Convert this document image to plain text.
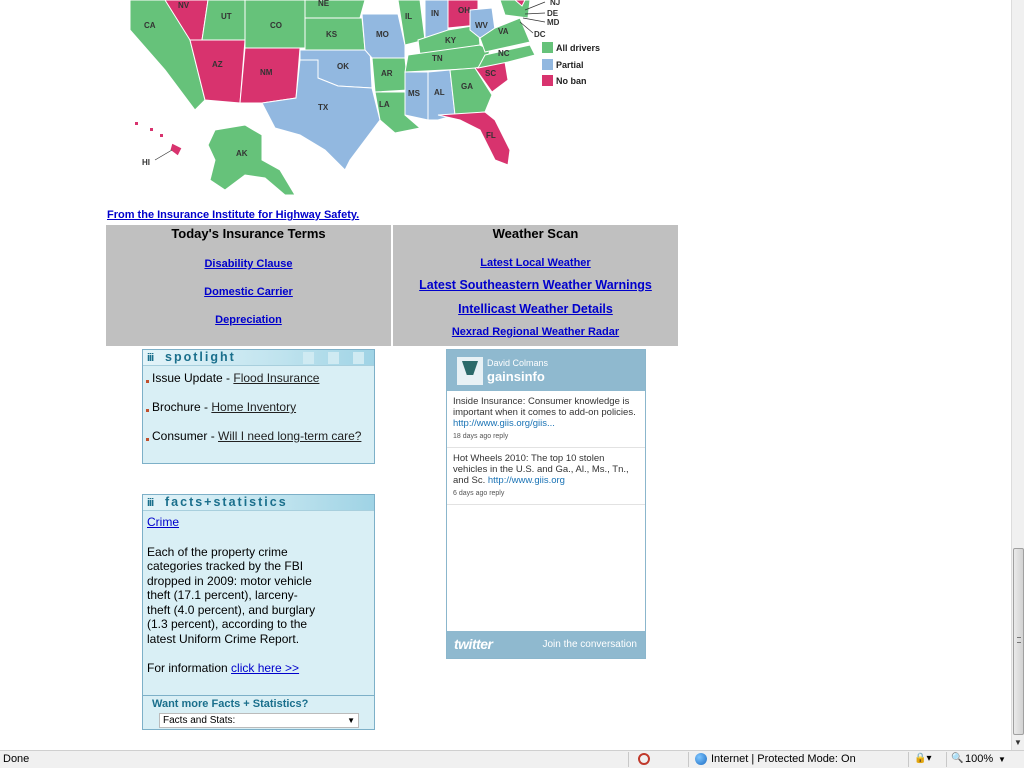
NV
UT
CO
NE
CA
KS	MO
IL IN OH
WV
VA
KY
NC
TN
SC
GA
AL
MS
LA
AR
OK
TX
AZ
NM
FL
AK
HI
NJ
DE
MD
DC
All drivers
Partial
No ban
From the Insurance Institute for Highway Safety.
Today's Insurance Terms
Disability Clause
Domestic Carrier
Depreciation
Weather Scan
Latest Local Weather
Latest Southeastern Weather Warnings
Intellicast Weather Details
Nexrad Regional Weather Radar
iii spotlight
Issue Update - Flood Insurance
Brochure - Home Inventory
Consumer - Will I need long-term care?
iii facts+statistics
Crime
Each of the property crime categories tracked by the FBI dropped in 2009: motor vehicle theft (17.1 percent), larceny-theft (4.0 percent), and burglary (1.3 percent), according to the latest Uniform Crime Report.
For information click here >>
Want more Facts + Statistics?
Facts and Stats:	▼
David Colmans
gainsinfo
Inside Insurance: Consumer knowledge is important when it comes to add-on policies. http://www.giis.org/giis...
18 days ago reply
Hot Wheels 2010: The top 10 stolen vehicles in the U.S. and Ga., Al., Ms., Tn., and Sc. http://www.giis.org
6 days ago reply
twitter	Join the conversation
▼
Done	Internet | Protected Mode: On	🔒▾ 🔍 100% ▼
